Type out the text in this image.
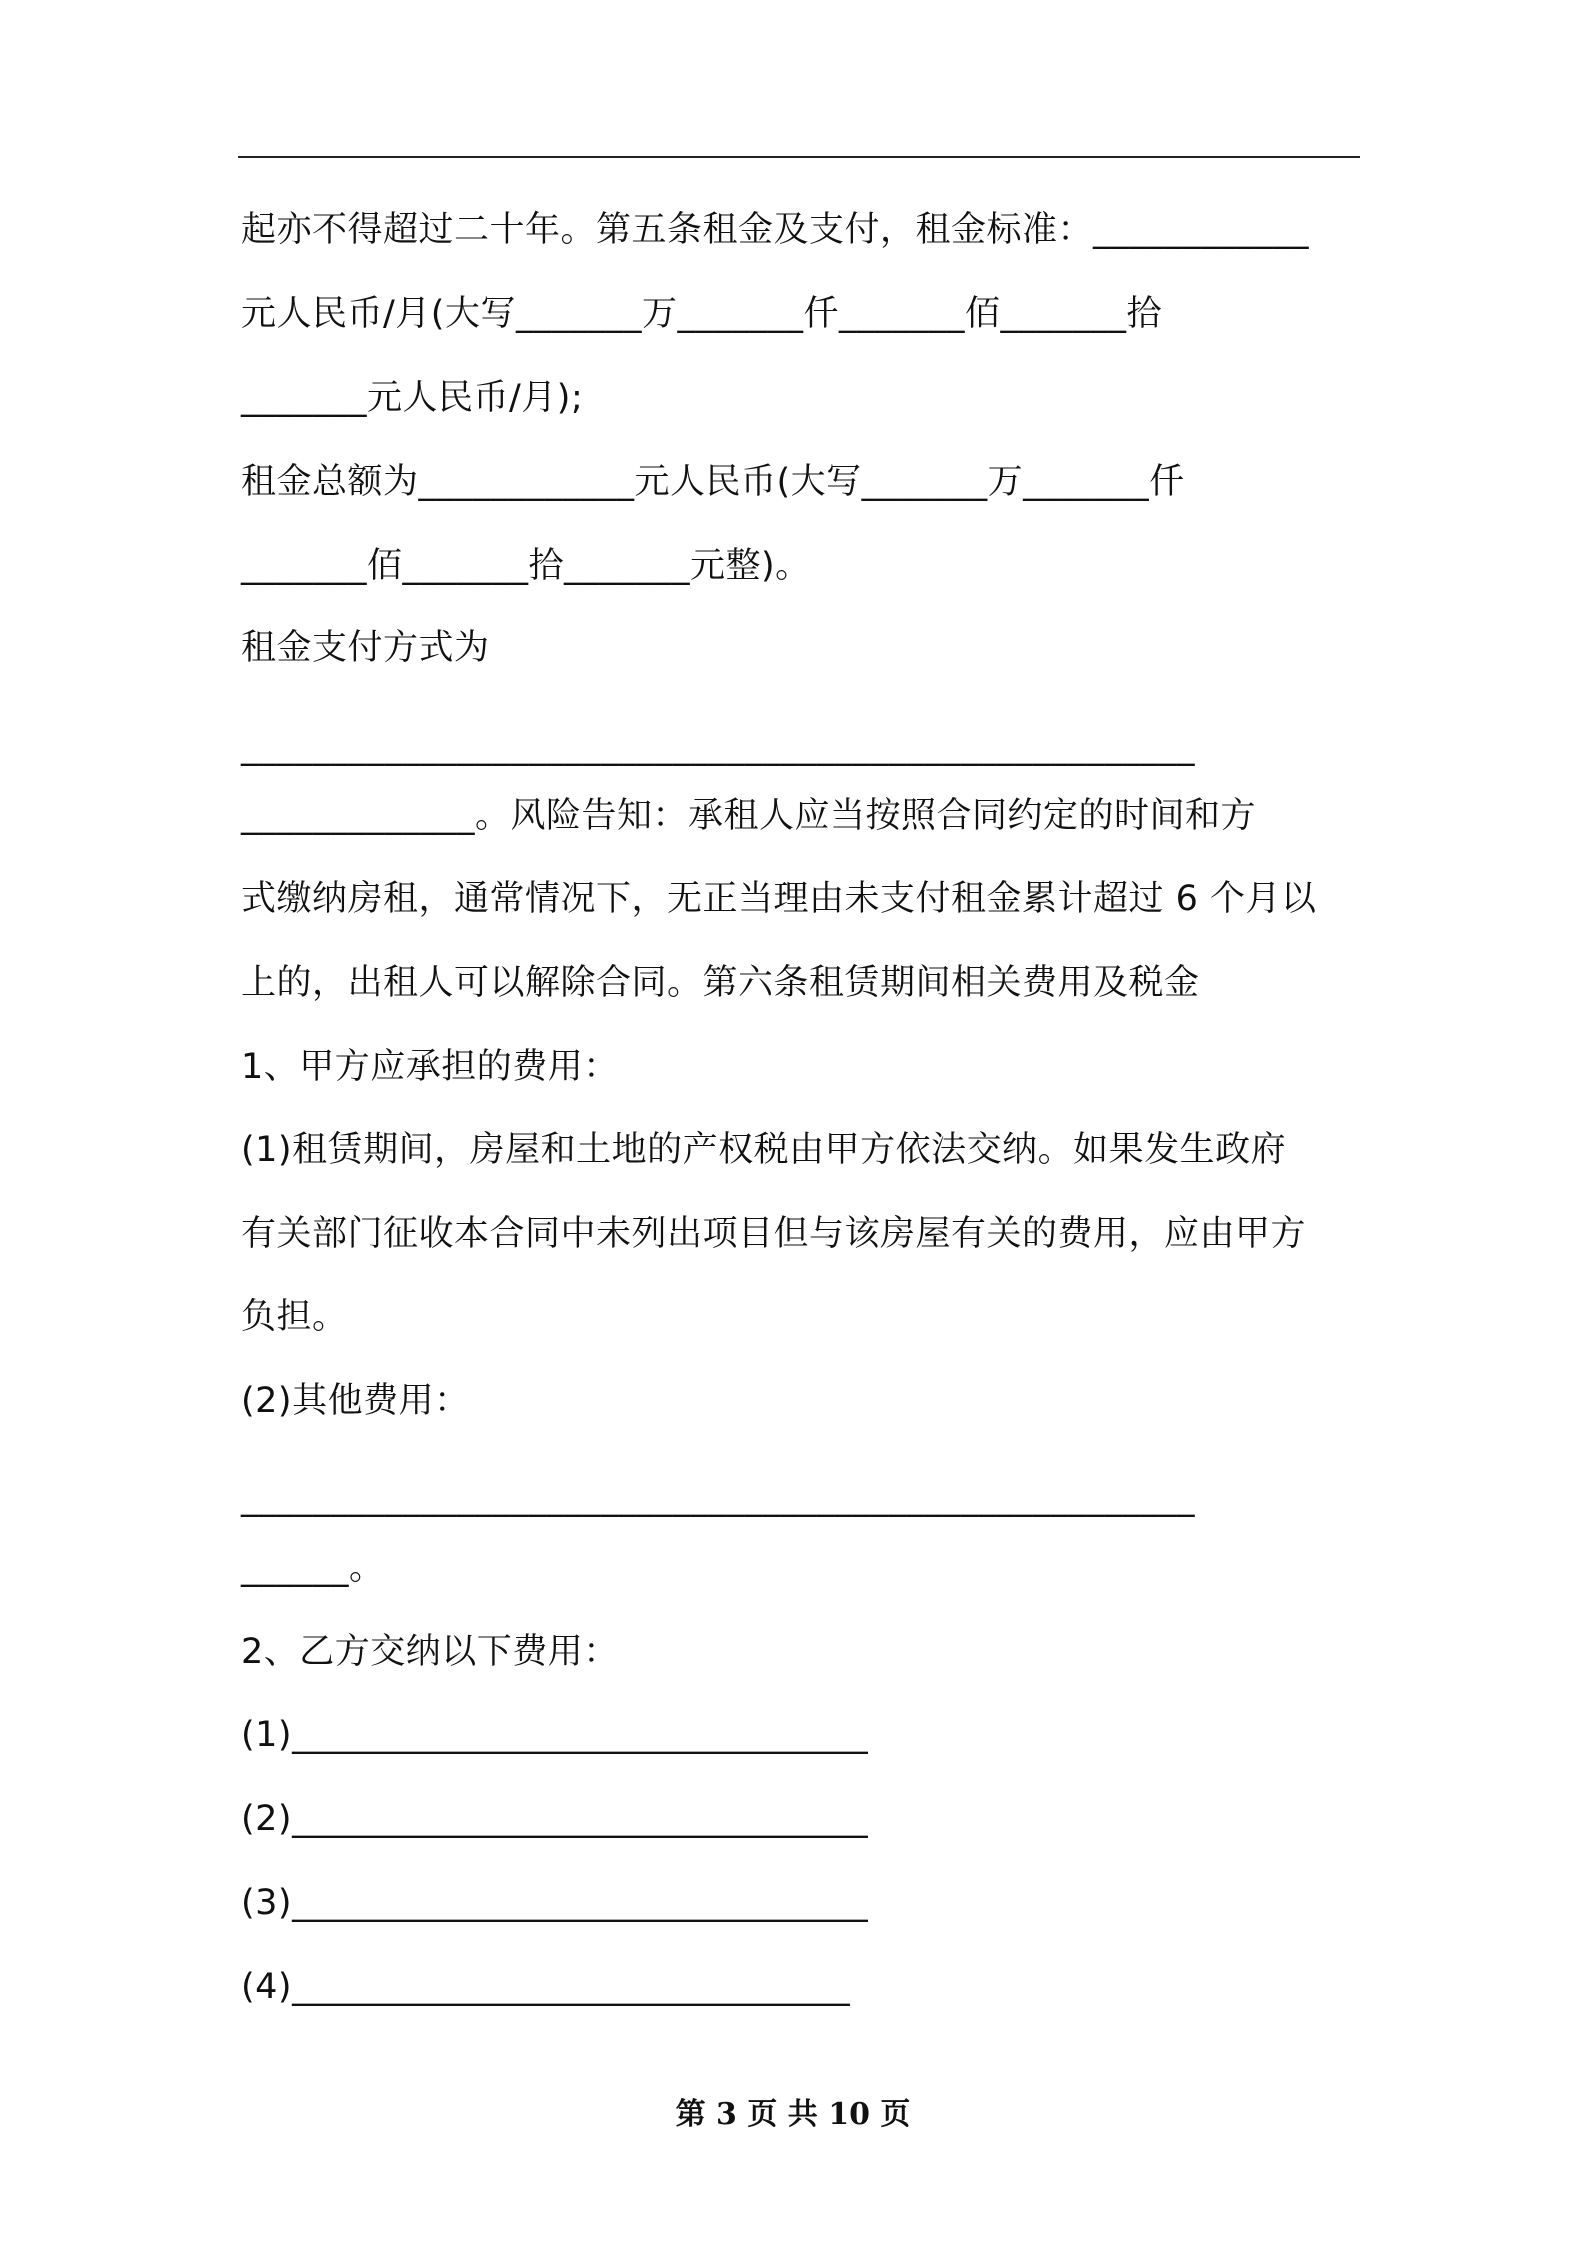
起亦不得超过二十年。第五条租金及支付，租金标准：____________

元人民币/月(大写_______万_______仟_______佰_______拾

_______元人民币/月);

租金总额为____________元人民币(大写_______万_______仟

_______佰_______拾_______元整)。

租金支付方式为

_____________________________________________________

_____________。风险告知：承租人应当按照合同约定的时间和方

式缴纳房租，通常情况下，无正当理由未支付租金累计超过 6 个月以

上的，出租人可以解除合同。第六条租赁期间相关费用及税金

1、甲方应承担的费用：

(1)租赁期间，房屋和土地的产权税由甲方依法交纳。如果发生政府

有关部门征收本合同中未列出项目但与该房屋有关的费用，应由甲方

负担。

(2)其他费用：

_____________________________________________________

______。

2、乙方交纳以下费用：

(1)________________________________

(2)________________________________

(3)________________________________

(4)_______________________________

第 3 页 共 10 页
